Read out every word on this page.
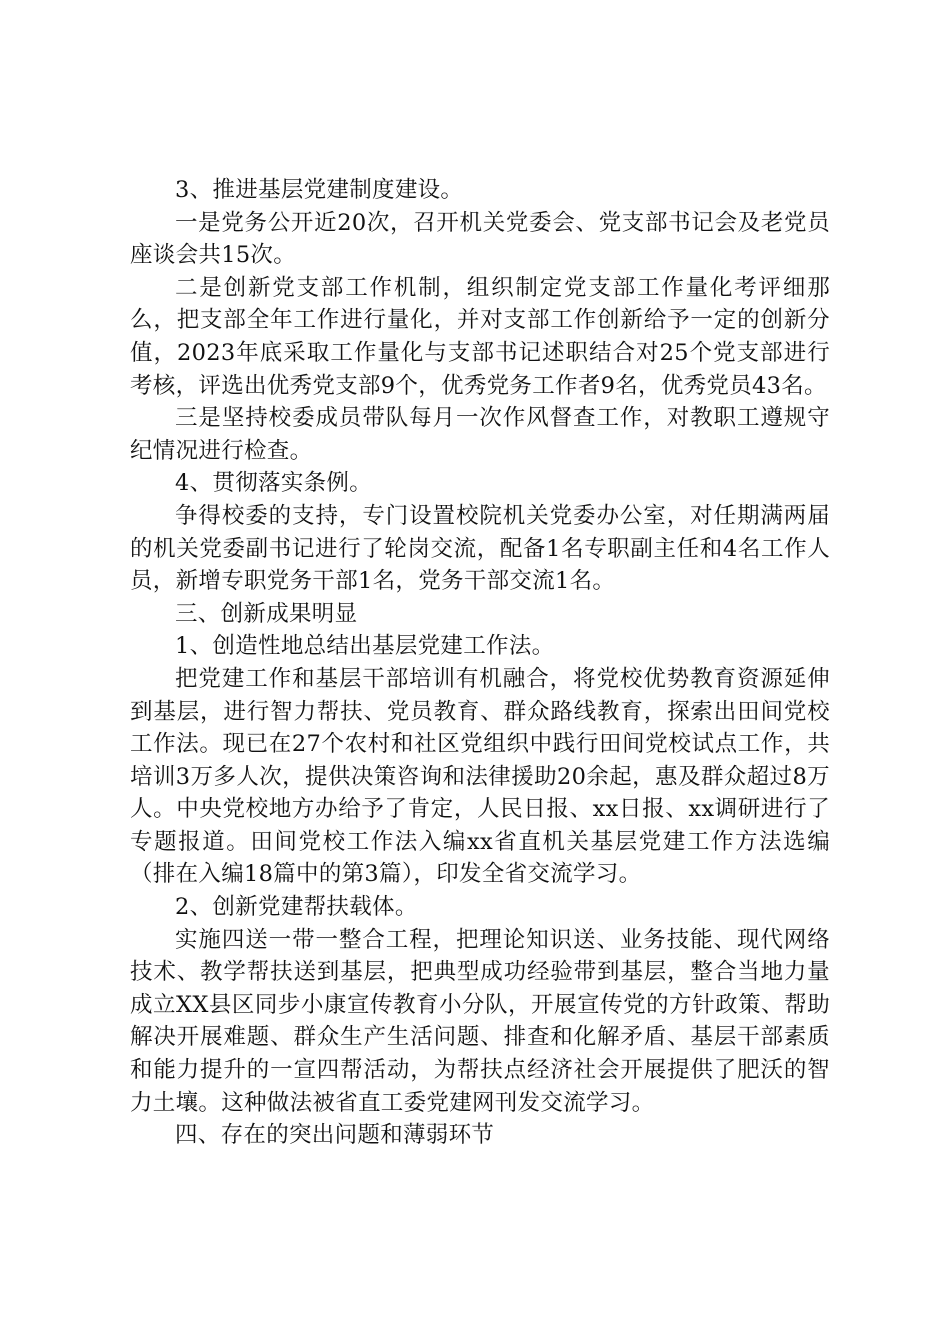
3、推进基层党建制度建设。

一是党务公开近20次，召开机关党委会、党支部书记会及老党员座谈会共15次。

二是创新党支部工作机制，组织制定党支部工作量化考评细那么，把支部全年工作进行量化，并对支部工作创新给予一定的创新分值，2023年底采取工作量化与支部书记述职结合对25个党支部进行考核，评选出优秀党支部9个，优秀党务工作者9名，优秀党员43名。

三是坚持校委成员带队每月一次作风督查工作，对教职工遵规守纪情况进行检查。

4、贯彻落实条例。

争得校委的支持，专门设置校院机关党委办公室，对任期满两届的机关党委副书记进行了轮岗交流，配备1名专职副主任和4名工作人员，新增专职党务干部1名，党务干部交流1名。

三、创新成果明显

1、创造性地总结出基层党建工作法。

把党建工作和基层干部培训有机融合，将党校优势教育资源延伸到基层，进行智力帮扶、党员教育、群众路线教育，探索出田间党校工作法。现已在27个农村和社区党组织中践行田间党校试点工作，共培训3万多人次，提供决策咨询和法律援助20余起，惠及群众超过8万人。中央党校地方办给予了肯定，人民日报、xx日报、xx调研进行了专题报道。田间党校工作法入编xx省直机关基层党建工作方法选编（排在入编18篇中的第3篇），印发全省交流学习。

2、创新党建帮扶载体。

实施四送一带一整合工程，把理论知识送、业务技能、现代网络技术、教学帮扶送到基层，把典型成功经验带到基层，整合当地力量成立XX县区同步小康宣传教育小分队，开展宣传党的方针政策、帮助解决开展难题、群众生产生活问题、排查和化解矛盾、基层干部素质和能力提升的一宣四帮活动，为帮扶点经济社会开展提供了肥沃的智力土壤。这种做法被省直工委党建网刊发交流学习。

四、存在的突出问题和薄弱环节
